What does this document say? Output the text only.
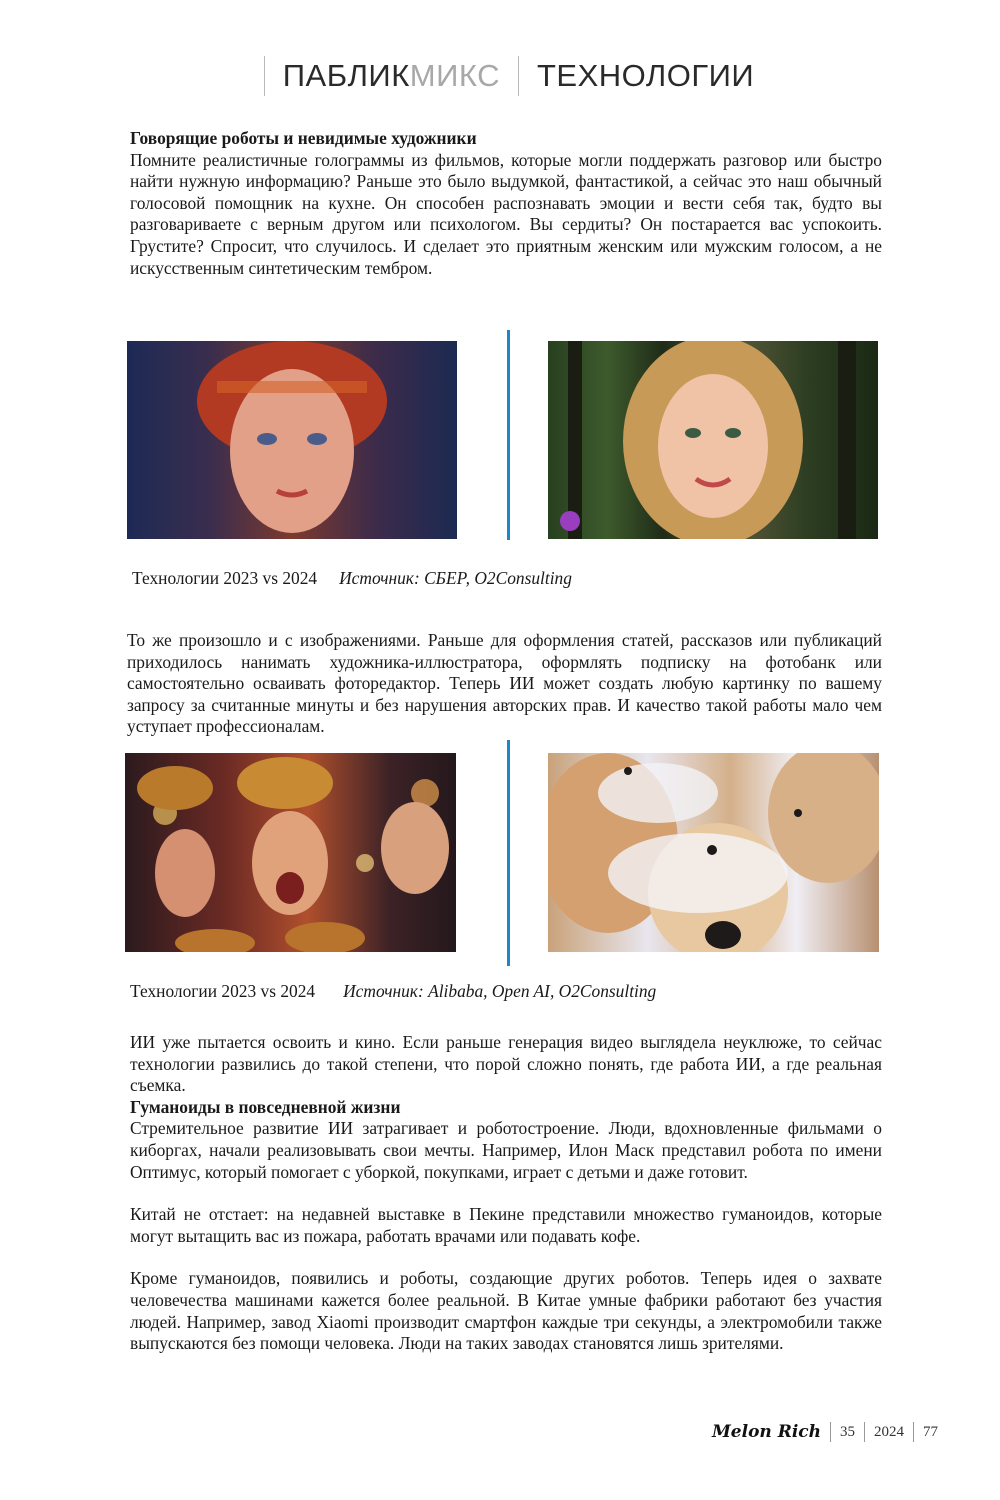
ПАБЛИКМИКС ТЕХНОЛОГИИ

Говорящие роботы и невидимые художники

Помните реалистичные голограммы из фильмов, которые могли поддержать разговор или быстро найти нужную информацию? Раньше это было выдумкой, фантастикой, а сейчас это наш обычный голосовой помощник на кухне. Он способен распознавать эмоции и вести себя так, будто вы разговариваете с верным другом или психологом. Вы сердиты? Он постарается вас успокоить. Грустите? Спросит, что случилось. И сделает это приятным женским или мужским голосом, а не искусственным синтетическим тембром.

Технологии 2023 vs 2024 Источник: СБЕР, O2Consulting

То же произошло и с изображениями. Раньше для оформления статей, рассказов или публикаций приходилось нанимать художника-иллюстратора, оформлять подписку на фотобанк или самостоятельно осваивать фоторедактор. Теперь ИИ может создать любую картинку по вашему запросу за считанные минуты и без нарушения авторских прав. И качество такой работы мало чем уступает профессионалам.

Технологии 2023 vs 2024 Источник: Alibaba, Open AI, O2Consulting

ИИ уже пытается освоить и кино. Если раньше генерация видео выглядела неуклюже, то сейчас технологии развились до такой степени, что порой сложно понять, где работа ИИ, а где реальная съемка.

Гуманоиды в повседневной жизни

Стремительное развитие ИИ затрагивает и роботостроение. Люди, вдохновленные фильмами о киборгах, начали реализовывать свои мечты. Например, Илон Маск представил робота по имени Оптимус, который помогает с уборкой, покупками, играет с детьми и даже готовит.

Китай не отстает: на недавней выставке в Пекине представили множество гуманоидов, которые могут вытащить вас из пожара, работать врачами или подавать кофе.

Кроме гуманоидов, появились и роботы, создающие других роботов. Теперь идея о захвате человечества машинами кажется более реальной. В Китае умные фабрики работают без участия людей. Например, завод Xiaomi производит смартфон каждые три секунды, а электромобили также выпускаются без помощи человека. Люди на таких заводах становятся лишь зрителями.

Melon Rich 35 2024 77
